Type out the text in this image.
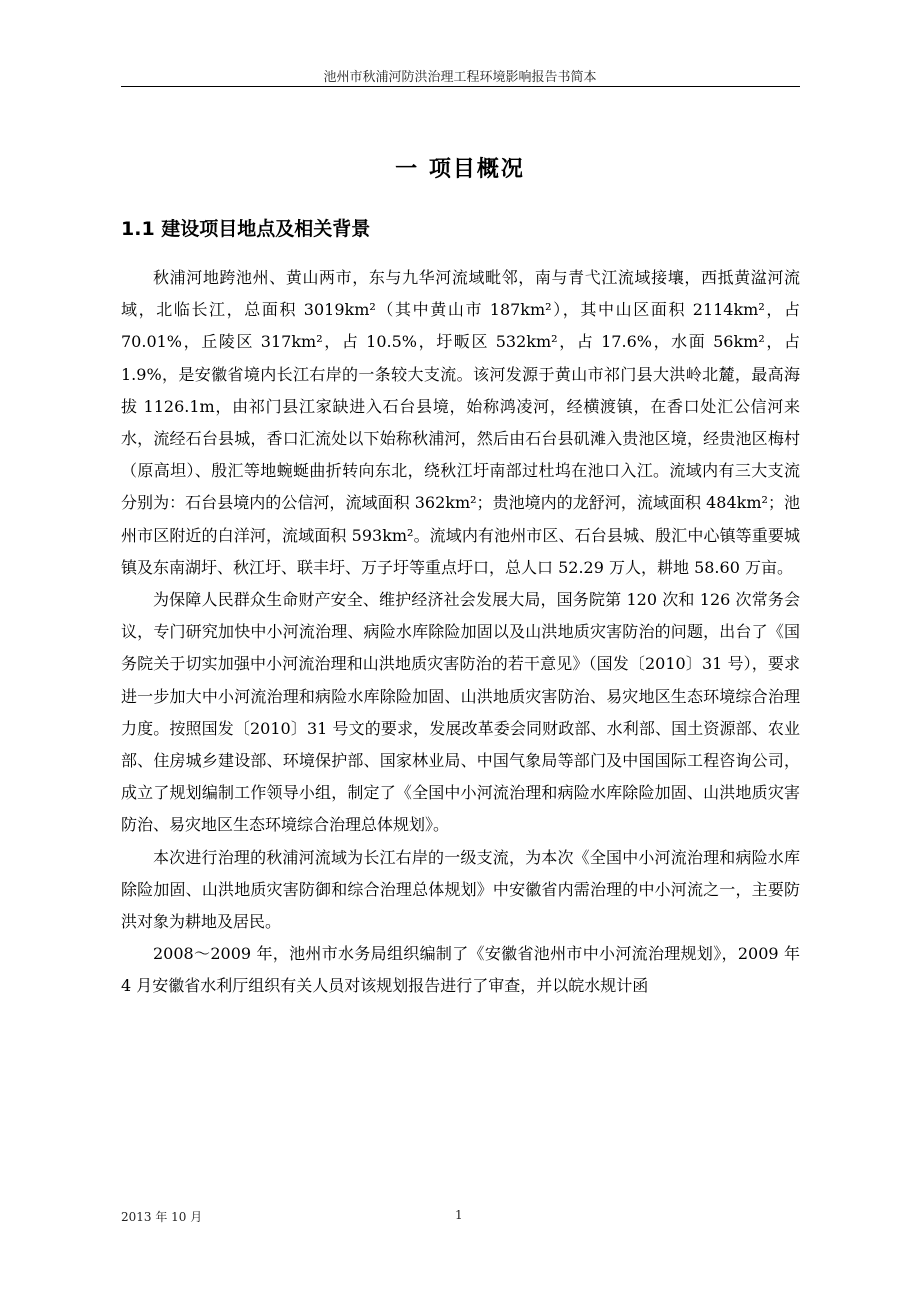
池州市秋浦河防洪治理工程环境影响报告书简本
一 项目概况
1.1 建设项目地点及相关背景

秋浦河地跨池州、黄山两市，东与九华河流域毗邻，南与青弋江流域接壤，西抵黄湓河流域，北临长江，总面积 3019km²（其中黄山市 187km²），其中山区面积 2114km²，占 70.01%，丘陵区 317km²，占 10.5%，圩畈区 532km²，占 17.6%，水面 56km²，占 1.9%，是安徽省境内长江右岸的一条较大支流。该河发源于黄山市祁门县大洪岭北麓，最高海拔 1126.1m，由祁门县江家缺进入石台县境，始称鸿凌河，经横渡镇，在香口处汇公信河来水，流经石台县城，香口汇流处以下始称秋浦河，然后由石台县矶滩入贵池区境，经贵池区梅村（原高坦）、殷汇等地蜿蜒曲折转向东北，绕秋江圩南部过杜坞在池口入江。流域内有三大支流分别为：石台县境内的公信河，流域面积 362km²；贵池境内的龙舒河，流域面积 484km²；池州市区附近的白洋河，流域面积 593km²。流域内有池州市区、石台县城、殷汇中心镇等重要城镇及东南湖圩、秋江圩、联丰圩、万子圩等重点圩口，总人口 52.29 万人，耕地 58.60 万亩。

为保障人民群众生命财产安全、维护经济社会发展大局，国务院第 120 次和 126 次常务会议，专门研究加快中小河流治理、病险水库除险加固以及山洪地质灾害防治的问题，出台了《国务院关于切实加强中小河流治理和山洪地质灾害防治的若干意见》（国发〔2010〕31 号），要求进一步加大中小河流治理和病险水库除险加固、山洪地质灾害防治、易灾地区生态环境综合治理力度。按照国发〔2010〕31 号文的要求，发展改革委会同财政部、水利部、国土资源部、农业部、住房城乡建设部、环境保护部、国家林业局、中国气象局等部门及中国国际工程咨询公司，成立了规划编制工作领导小组，制定了《全国中小河流治理和病险水库除险加固、山洪地质灾害防治、易灾地区生态环境综合治理总体规划》。

本次进行治理的秋浦河流域为长江右岸的一级支流，为本次《全国中小河流治理和病险水库除险加固、山洪地质灾害防御和综合治理总体规划》中安徽省内需治理的中小河流之一，主要防洪对象为耕地及居民。

2008～2009 年，池州市水务局组织编制了《安徽省池州市中小河流治理规划》，2009 年 4 月安徽省水利厅组织有关人员对该规划报告进行了审查，并以皖水规计函

2013 年 10 月	1
